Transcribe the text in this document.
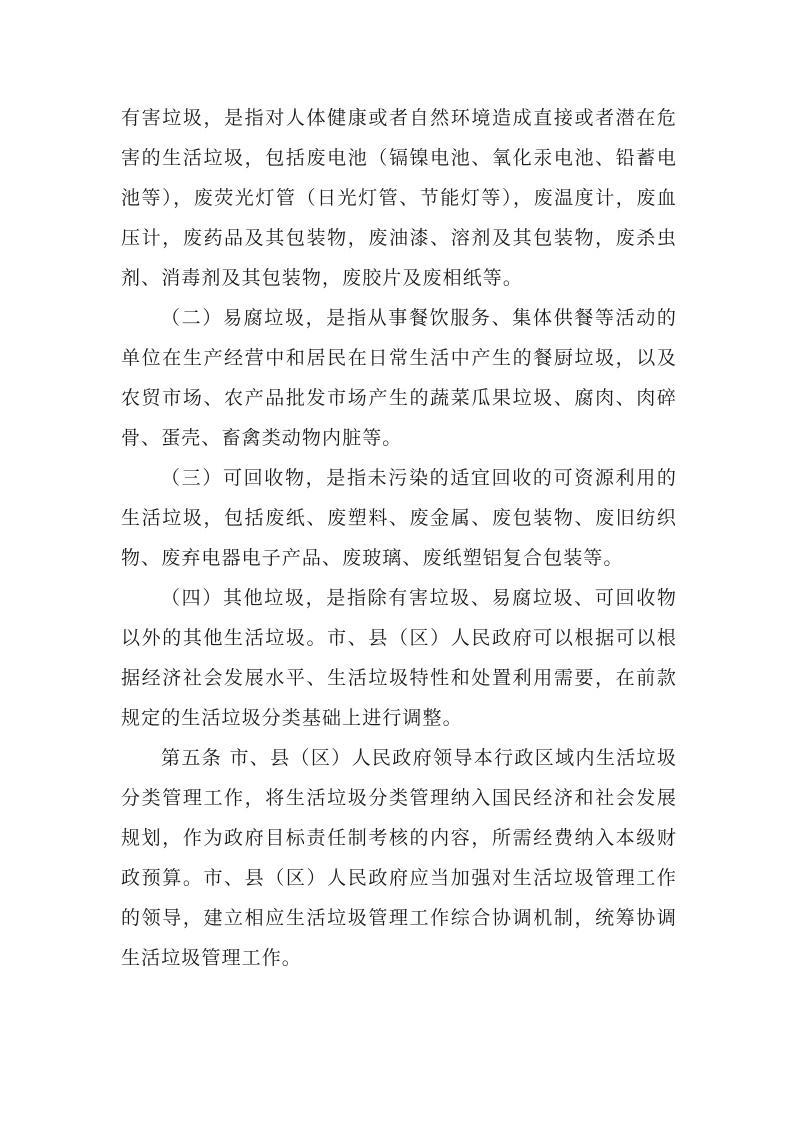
有害垃圾，是指对人体健康或者自然环境造成直接或者潜在危害的生活垃圾，包括废电池（镉镍电池、氧化汞电池、铅蓄电池等），废荧光灯管（日光灯管、节能灯等），废温度计，废血压计，废药品及其包装物，废油漆、溶剂及其包装物，废杀虫剂、消毒剂及其包装物，废胶片及废相纸等。

（二）易腐垃圾，是指从事餐饮服务、集体供餐等活动的单位在生产经营中和居民在日常生活中产生的餐厨垃圾，以及农贸市场、农产品批发市场产生的蔬菜瓜果垃圾、腐肉、肉碎骨、蛋壳、畜禽类动物内脏等。

（三）可回收物，是指未污染的适宜回收的可资源利用的生活垃圾，包括废纸、废塑料、废金属、废包装物、废旧纺织物、废弃电器电子产品、废玻璃、废纸塑铝复合包装等。

（四）其他垃圾，是指除有害垃圾、易腐垃圾、可回收物以外的其他生活垃圾。市、县（区）人民政府可以根据可以根据经济社会发展水平、生活垃圾特性和处置利用需要，在前款规定的生活垃圾分类基础上进行调整。

第五条 市、县（区）人民政府领导本行政区域内生活垃圾分类管理工作，将生活垃圾分类管理纳入国民经济和社会发展规划，作为政府目标责任制考核的内容，所需经费纳入本级财政预算。市、县（区）人民政府应当加强对生活垃圾管理工作的领导，建立相应生活垃圾管理工作综合协调机制，统筹协调生活垃圾管理工作。
